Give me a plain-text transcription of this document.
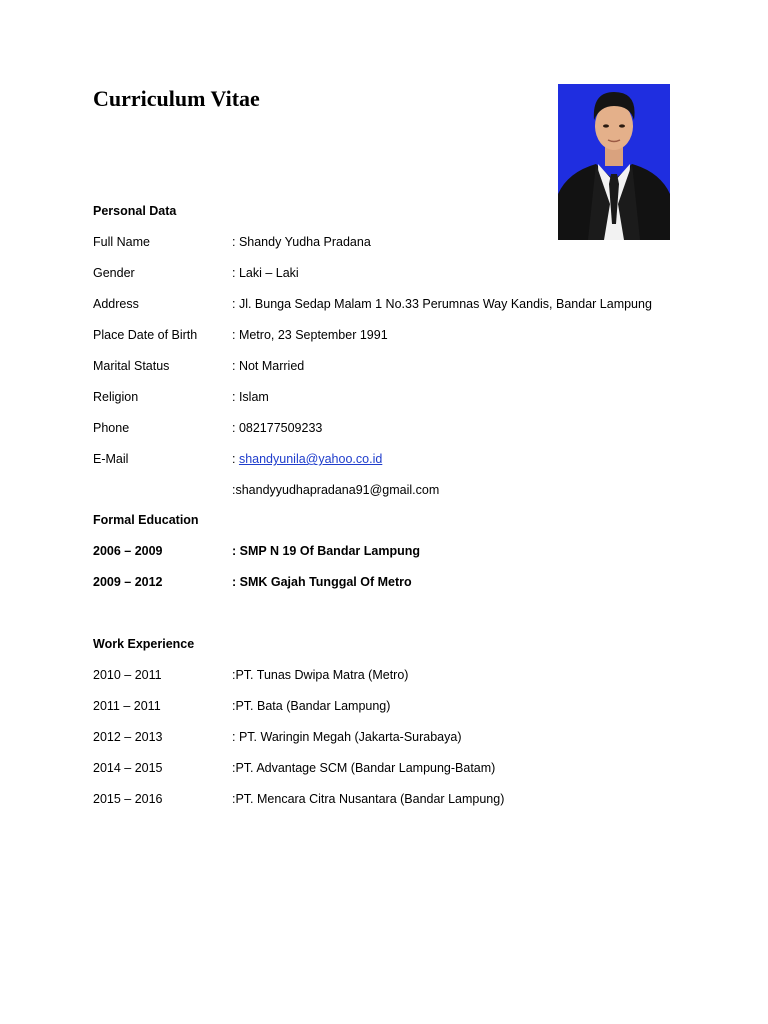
Curriculum Vitae
Personal Data
Full Name	: Shandy Yudha Pradana
Gender	: Laki – Laki
Address	: Jl. Bunga Sedap Malam 1 No.33 Perumnas Way Kandis, Bandar Lampung
Place Date of Birth	: Metro, 23 September 1991
Marital Status	: Not Married
Religion	: Islam
Phone	: 082177509233
E-Mail	: shandyunila@yahoo.co.id
:shandyyudhapradana91@gmail.com
Formal Education
2006 – 2009	: SMP N 19 Of Bandar Lampung
2009 – 2012	: SMK Gajah Tunggal Of Metro
Work Experience
2010 – 2011	:PT. Tunas Dwipa Matra (Metro)
2011 – 2011	:PT. Bata (Bandar Lampung)
2012 – 2013	: PT. Waringin Megah (Jakarta-Surabaya)
2014 – 2015	:PT. Advantage SCM (Bandar Lampung-Batam)
2015 – 2016	:PT. Mencara Citra Nusantara (Bandar Lampung)
